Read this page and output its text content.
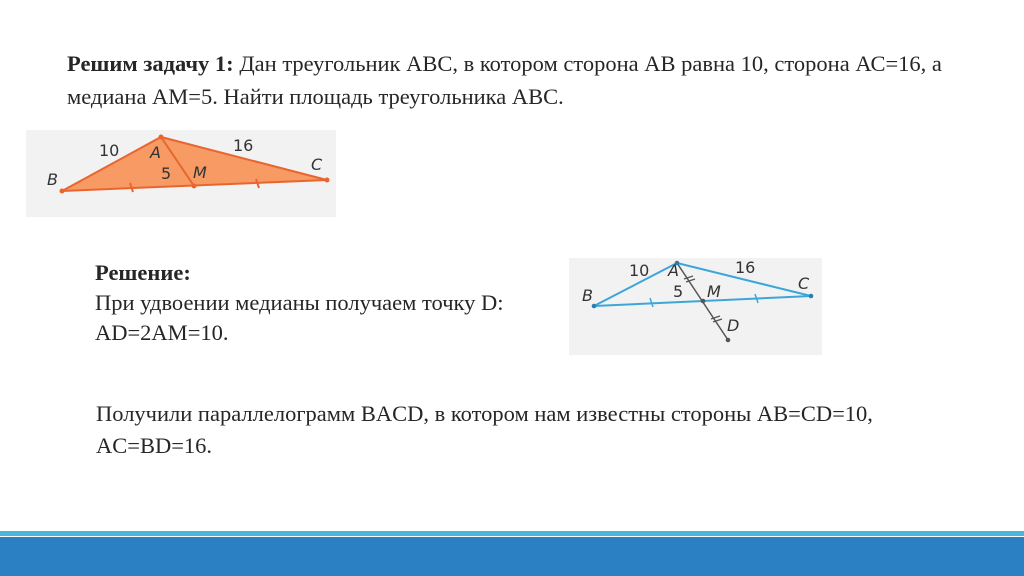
Решим задачу 1: Дан треугольник АВС, в котором сторона АВ равна 10, сторона АС=16, а медиана АМ=5. Найти площадь треугольника АВС.

10	16
A
B
C
M
5

Решение:
При удвоении медианы получаем точку D:
AD=2AM=10.

10	16
A
B
C
M
5
D

Получили параллелограмм BACD, в котором нам известны стороны AB=CD=10, AC=BD=16.
